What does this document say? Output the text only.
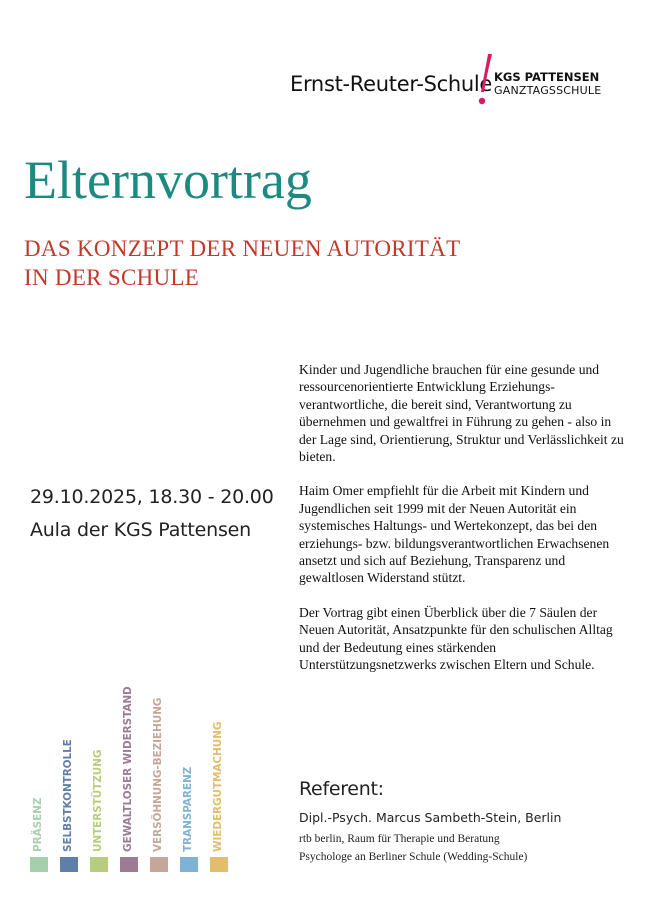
Ernst-Reuter-Schule KGS PATTENSEN
GANZTAGSSCHULE
Elternvortrag
DAS KONZEPT DER NEUEN AUTORITÄT
IN DER SCHULE
29.10.2025, 18.30 - 20.00
Aula der KGS Pattensen

Kinder und Jugendliche brauchen für eine gesunde und ressourcenorientierte Entwicklung Erziehungs-verantwortliche, die bereit sind, Verantwortung zu übernehmen und gewaltfrei in Führung zu gehen - also in der Lage sind, Orientierung, Struktur und Verlässlichkeit zu bieten.

Haim Omer empfiehlt für die Arbeit mit Kindern und Jugendlichen seit 1999 mit der Neuen Autorität ein systemisches Haltungs- und Wertekonzept, das bei den erziehungs- bzw. bildungsverantwortlichen Erwachsenen ansetzt und sich auf Beziehung, Transparenz und gewaltlosen Widerstand stützt.

Der Vortrag gibt einen Überblick über die 7 Säulen der Neuen Autorität, Ansatzpunkte für den schulischen Alltag und der Bedeutung eines stärkenden Unterstützungsnetzwerks zwischen Eltern und Schule.

PRÄSENZ SELBSTKONTROLLE UNTERSTÜTZUNG GEWALTLOSER WIDERSTAND VERSÖHNUNG-BEZIEHUNG TRANSPARENZ WIEDERGUTMACHUNG	Referent:
Dipl.-Psych. Marcus Sambeth-Stein, Berlin
rtb berlin, Raum für Therapie und Beratung
Psychologe an Berliner Schule (Wedding-Schule)
